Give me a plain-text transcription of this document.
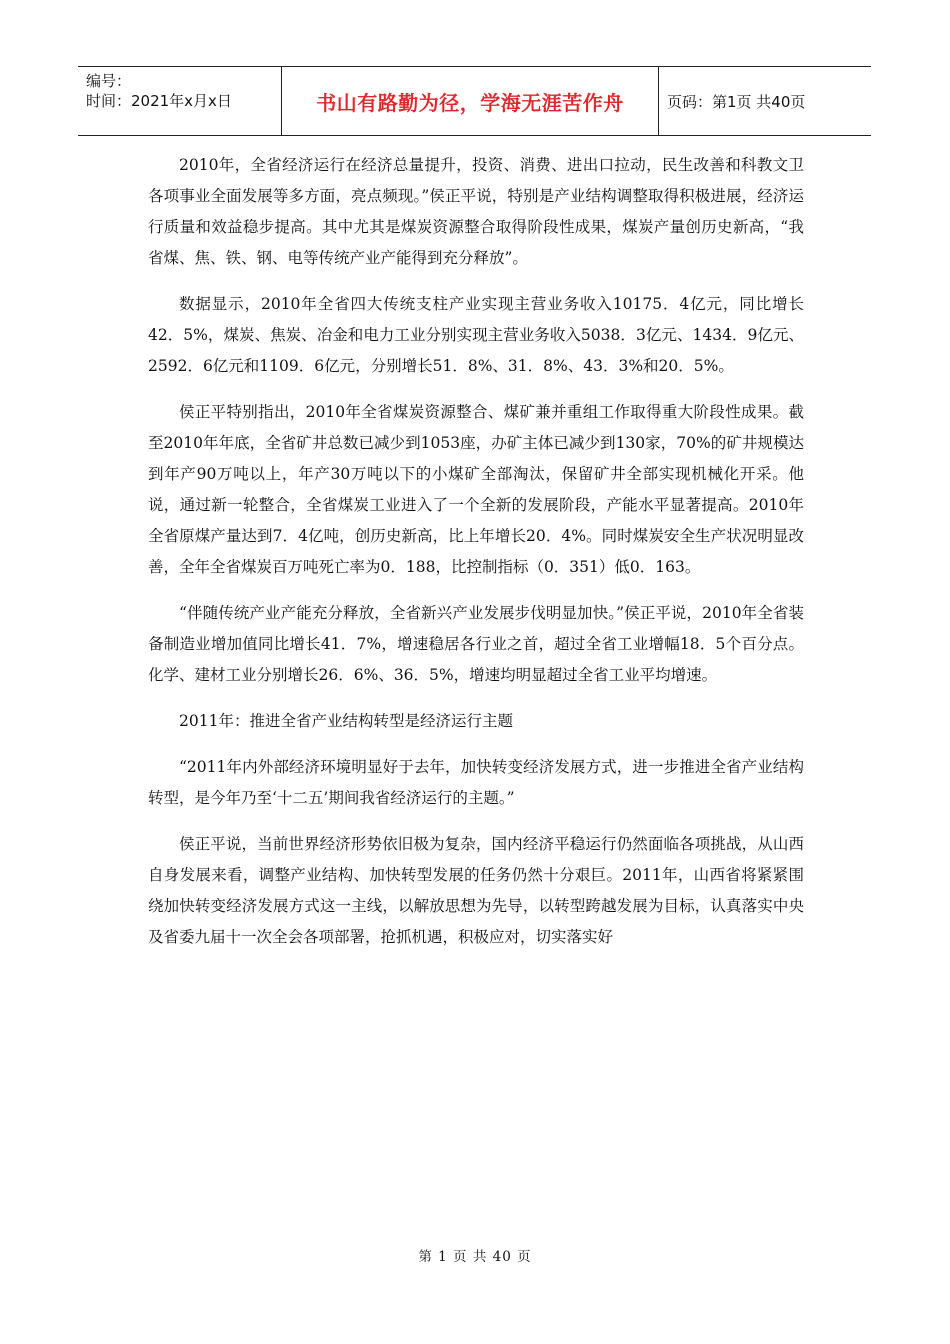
编号：
时间：2021年x月x日	书山有路勤为径，学海无涯苦作舟	页码：第1页 共40页

2010年，全省经济运行在经济总量提升，投资、消费、进出口拉动，民生改善和科教文卫各项事业全面发展等多方面，亮点频现。”侯正平说，特别是产业结构调整取得积极进展，经济运行质量和效益稳步提高。其中尤其是煤炭资源整合取得阶段性成果，煤炭产量创历史新高，“我省煤、焦、铁、钢、电等传统产业产能得到充分释放”。

数据显示，2010年全省四大传统支柱产业实现主营业务收入10175．4亿元，同比增长42．5%，煤炭、焦炭、冶金和电力工业分别实现主营业务收入5038．3亿元、1434．9亿元、2592．6亿元和1109．6亿元，分别增长51．8%、31．8%、43．3%和20．5%。

侯正平特别指出，2010年全省煤炭资源整合、煤矿兼并重组工作取得重大阶段性成果。截至2010年年底，全省矿井总数已减少到1053座，办矿主体已减少到130家，70%的矿井规模达到年产90万吨以上，年产30万吨以下的小煤矿全部淘汰，保留矿井全部实现机械化开采。他说，通过新一轮整合，全省煤炭工业进入了一个全新的发展阶段，产能水平显著提高。2010年全省原煤产量达到7．4亿吨，创历史新高，比上年增长20．4%。同时煤炭安全生产状况明显改善，全年全省煤炭百万吨死亡率为0．188，比控制指标（0．351）低0．163。

“伴随传统产业产能充分释放，全省新兴产业发展步伐明显加快。”侯正平说，2010年全省装备制造业增加值同比增长41．7%，增速稳居各行业之首，超过全省工业增幅18．5个百分点。化学、建材工业分别增长26．6%、36．5%，增速均明显超过全省工业平均增速。

2011年：推进全省产业结构转型是经济运行主题

“2011年内外部经济环境明显好于去年，加快转变经济发展方式，进一步推进全省产业结构转型，是今年乃至‘十二五’期间我省经济运行的主题。”

侯正平说，当前世界经济形势依旧极为复杂，国内经济平稳运行仍然面临各项挑战，从山西自身发展来看，调整产业结构、加快转型发展的任务仍然十分艰巨。2011年，山西省将紧紧围绕加快转变经济发展方式这一主线，以解放思想为先导，以转型跨越发展为目标，认真落实中央及省委九届十一次全会各项部署，抢抓机遇，积极应对，切实落实好

第 1 页 共 40 页
